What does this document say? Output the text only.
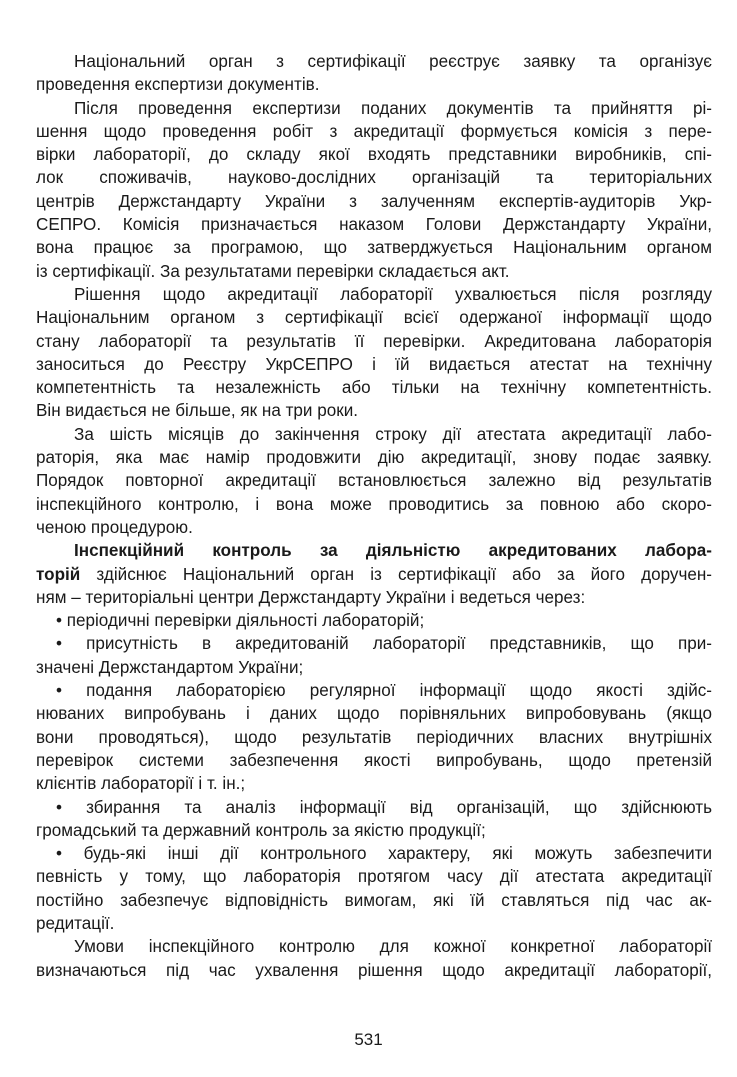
Національний орган з сертифікації реєструє заявку та організує
проведення експертизи документів.
Після проведення експертизи поданих документів та прийняття рі-
шення щодо проведення робіт з акредитації формується комісія з пере-
вірки лабораторії, до складу якої входять представники виробників, спі-
лок споживачів, науково-дослідних організацій та територіальних
центрів Держстандарту України з залученням експертів-аудиторів Укр-
СЕПРО. Комісія призначається наказом Голови Держстандарту України,
вона працює за програмою, що затверджується Національним органом
із сертифікації. За результатами перевірки складається акт.
Рішення щодо акредитації лабораторії ухвалюється після розгляду
Національним органом з сертифікації всієї одержаної інформації щодо
стану лабораторії та результатів її перевірки. Акредитована лабораторія
заноситься до Реєстру УкрСЕПРО і їй видається атестат на технічну
компетентність та незалежність або тільки на технічну компетентність.
Він видається не більше, як на три роки.
За шість місяців до закінчення строку дії атестата акредитації лабо-
раторія, яка має намір продовжити дію акредитації, знову подає заявку.
Порядок повторної акредитації встановлюється залежно від результатів
інспекційного контролю, і вона може проводитись за повною або скоро-
ченою процедурою.
Інспекційний контроль за діяльністю акредитованих лабора-
торій здійснює Національний орган із сертифікації або за його доручен-
ням – територіальні центри Держстандарту України і ведеться через:
• періодичні перевірки діяльності лабораторій;
• присутність в акредитованій лабораторії представників, що при-
значені Держстандартом України;
• подання лабораторією регулярної інформації щодо якості здійс-
нюваних випробувань і даних щодо порівняльних випробовувань (якщо
вони проводяться), щодо результатів періодичних власних внутрішніх
перевірок системи забезпечення якості випробувань, щодо претензій
клієнтів лабораторії і т. ін.;
• збирання та аналіз інформації від організацій, що здійснюють
громадський та державний контроль за якістю продукції;
• будь-які інші дії контрольного характеру, які можуть забезпечити
певність у тому, що лабораторія протягом часу дії атестата акредитації
постійно забезпечує відповідність вимогам, які їй ставляться під час ак-
редитації.
Умови інспекційного контролю для кожної конкретної лабораторії
визначаються під час ухвалення рішення щодо акредитації лабораторії,
531
